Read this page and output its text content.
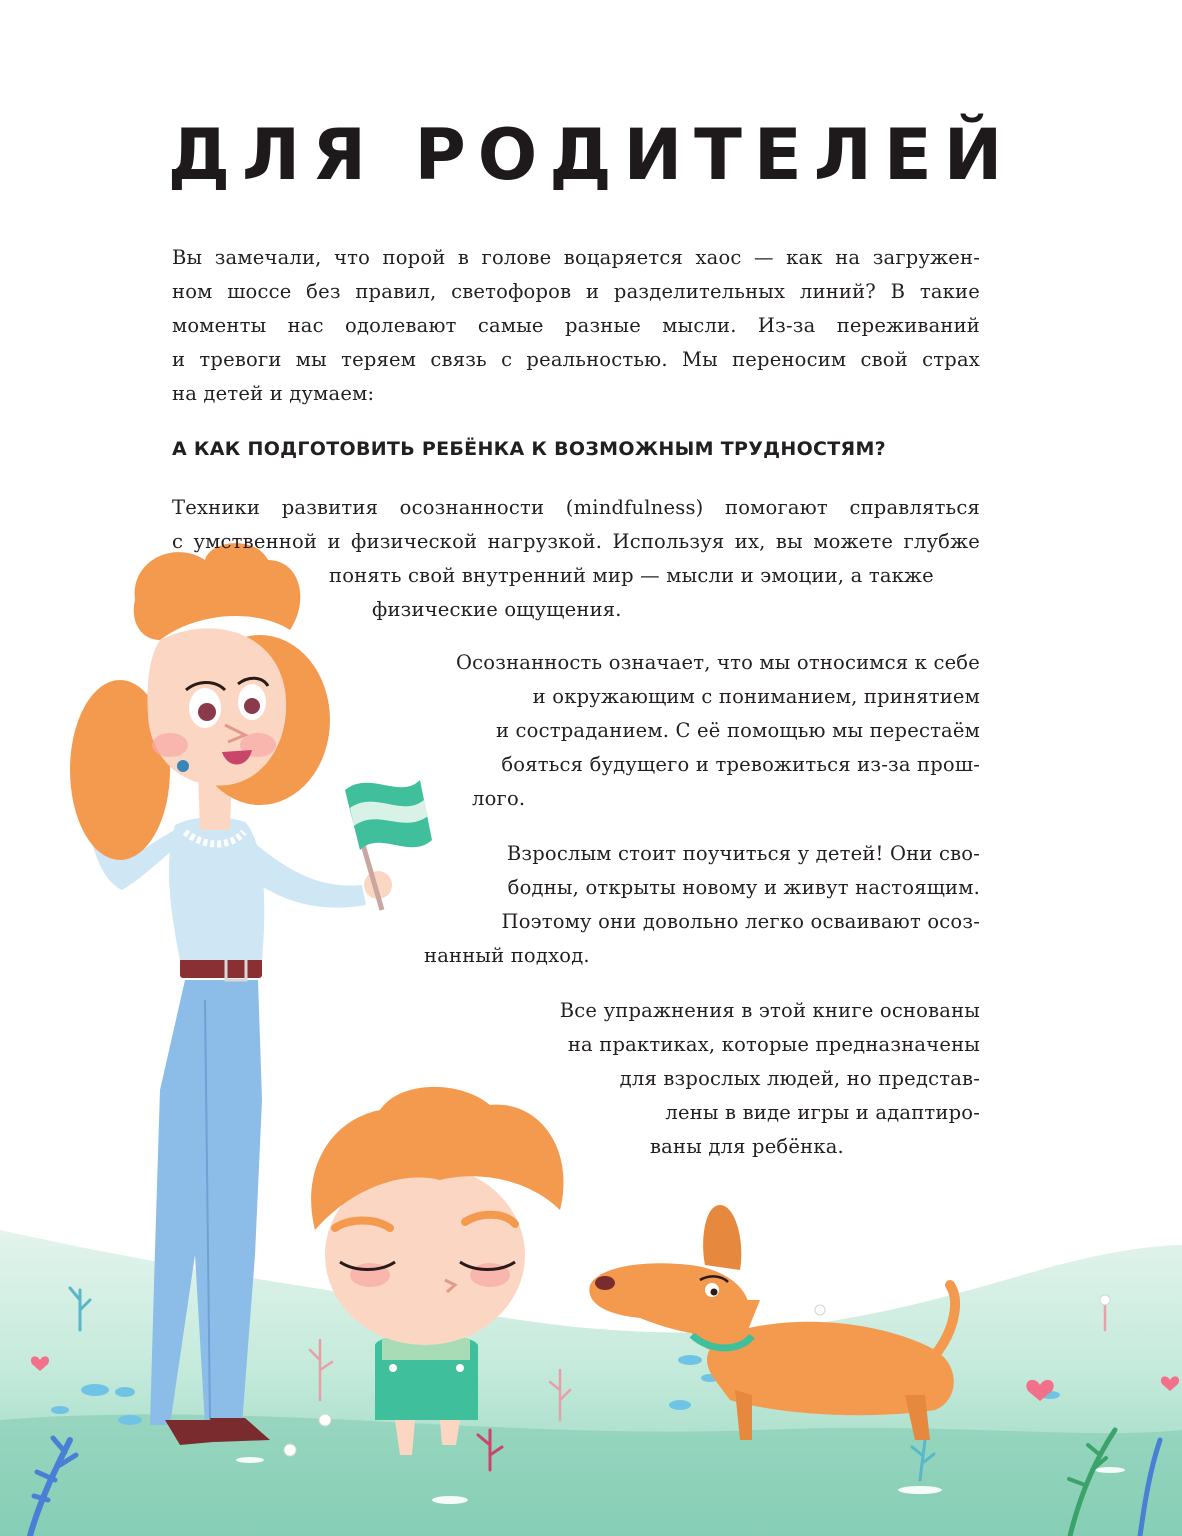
ДЛЯ РОДИТЕЛЕЙ
Вы замечали, что порой в голове воцаряется хаос — как на загружен-
ном шоссе без правил, светофоров и разделительных линий? В такие
моменты нас одолевают самые разные мысли. Из-за переживаний
и тревоги мы теряем связь с реальностью. Мы переносим свой страх
на детей и думаем:
А КАК ПОДГОТОВИТЬ РЕБЁНКА К ВОЗМОЖНЫМ ТРУДНОСТЯМ?
Техники развития осознанности (mindfulness) помогают справляться
с умственной и физической нагрузкой. Используя их, вы можете глубже
понять свой внутренний мир — мысли и эмоции, а также
физические ощущения.
Осознанность означает, что мы относимся к себе
и окружающим с пониманием, принятием
и состраданием. С её помощью мы перестаём
бояться будущего и тревожиться из-за прош-
лого.
Взрослым стоит поучиться у детей! Они сво-
бодны, открыты новому и живут настоящим.
Поэтому они довольно легко осваивают осоз-
нанный подход.
Все упражнения в этой книге основаны
на практиках, которые предназначены
для взрослых людей, но представ-
лены в виде игры и адаптиро-
ваны для ребёнка.
